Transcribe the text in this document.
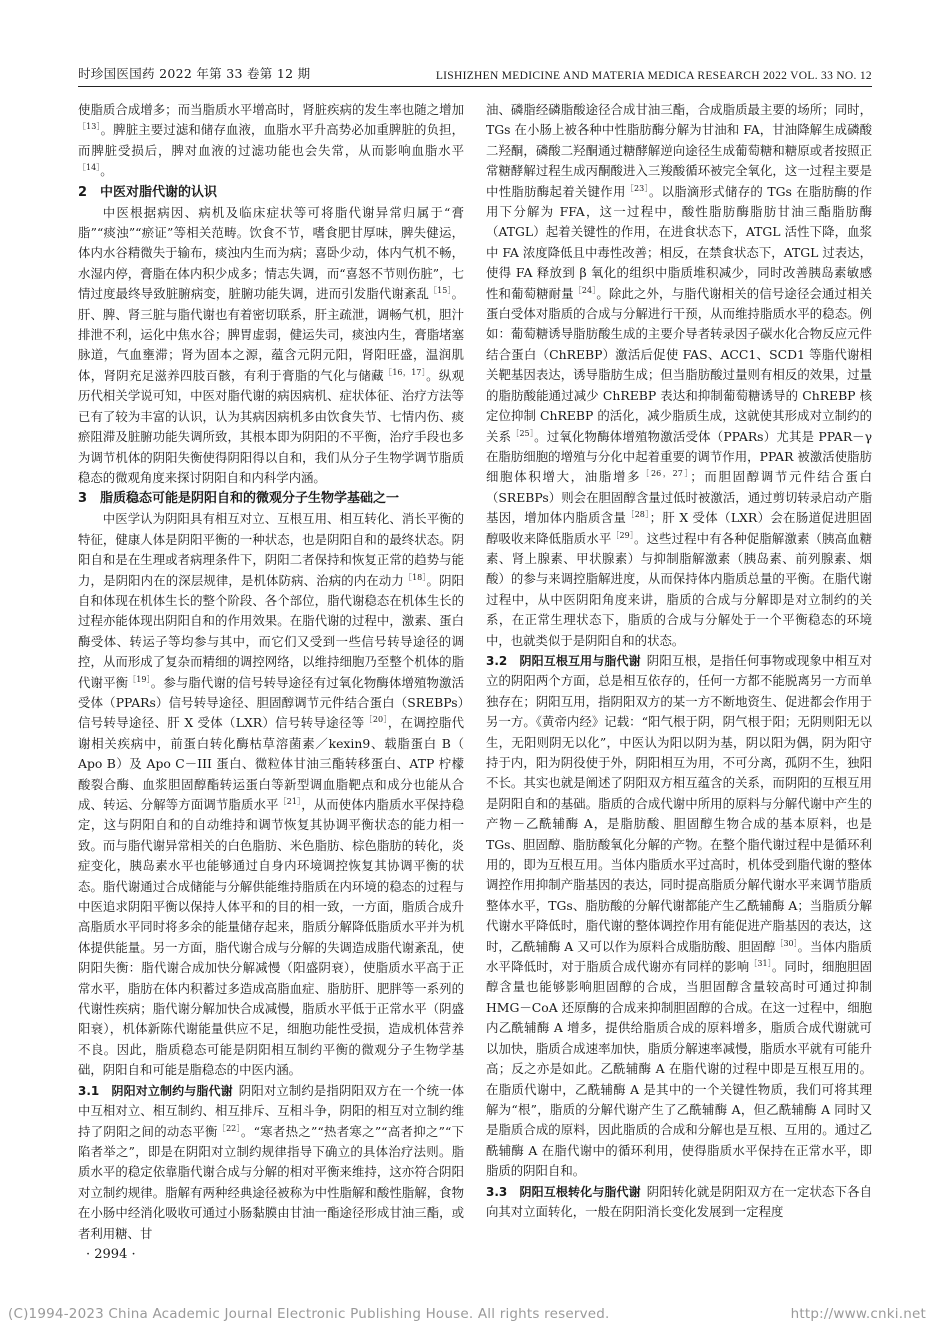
时珍国医国药 2022 年第 33 卷第 12 期	LISHIZHEN MEDICINE AND MATERIA MEDICA RESEARCH 2022 VOL. 33 NO. 12

使脂质合成增多；而当脂质水平增高时，肾脏疾病的发生率也随之增加$^{[13]}$。脾脏主要过滤和储存血液，血脂水平升高势必加重脾脏的负担，而脾脏受损后，脾对血液的过滤功能也会失常，从而影响血脂水平$^{[14]}$。

2　中医对脂代谢的认识

中医根据病因、病机及临床症状等可将脂代谢异常归属于“膏脂”“痰浊”“瘀证”等相关范畴。饮食不节，嗜食肥甘厚味，脾失健运，体内水谷精微失于输布，痰浊内生而为病；喜卧少动，体内气机不畅，水湿内停，膏脂在体内积少成多；情志失调，而“喜怒不节则伤脏”，七情过度最终导致脏腑病变，脏腑功能失调，进而引发脂代谢紊乱$^{[15]}$。肝、脾、肾三脏与脂代谢也有着密切联系，肝主疏泄，调畅气机，胆汁排泄不利，运化中焦水谷；脾胃虚弱，健运失司，痰浊内生，膏脂堵塞脉道，气血壅滞；肾为固本之源，蕴含元阴元阳，肾阳旺盛，温润肌体，肾阴充足滋养四肢百骸，有利于膏脂的气化与储藏$^{[16,17]}$。纵观历代相关学说可知，中医对脂代谢的病因病机、症状体征、治疗方法等已有了较为丰富的认识，认为其病因病机多由饮食失节、七情内伤、痰瘀阻滞及脏腑功能失调所致，其根本即为阴阳的不平衡，治疗手段也多为调节机体的阴阳失衡使得阴阳得以自和，我们从分子生物学调节脂质稳态的微观角度来探讨阴阳自和内科学内涵。

3　脂质稳态可能是阴阳自和的微观分子生物学基础之一

中医学认为阴阳具有相互对立、互根互用、相互转化、消长平衡的特征，健康人体是阴阳平衡的一种状态，也是阴阳自和的最终状态。阴阳自和是在生理或者病理条件下，阴阳二者保持和恢复正常的趋势与能力，是阴阳内在的深层规律，是机体防病、治病的内在动力$^{[18]}$。阴阳自和体现在机体生长的整个阶段、各个部位，脂代谢稳态在机体生长的过程亦能体现出阴阳自和的作用效果。在脂代谢的过程中，激素、蛋白酶受体、转运子等均参与其中，而它们又受到一些信号转导途径的调控，从而形成了复杂而精细的调控网络，以维持细胞乃至整个机体的脂代谢平衡$^{[19]}$。参与脂代谢的信号转导途径有过氧化物酶体增殖物激活受体（PPARs）信号转导途径、胆固醇调节元件结合蛋白（SREBPs）信号转导途径、肝 X 受体（LXR）信号转导途径等$^{[20]}$，在调控脂代谢相关疾病中，前蛋白转化酶枯草溶菌素／kexin9、载脂蛋白 B（ Apo B）及 Apo C－III 蛋白、微粒体甘油三酯转移蛋白、ATP 柠檬酸裂合酶、血浆胆固醇酯转运蛋白等新型调血脂靶点和成分也能从合成、转运、分解等方面调节脂质水平$^{[21]}$，从而使体内脂质水平保持稳定，这与阴阳自和的自动维持和调节恢复其协调平衡状态的能力相一致。而与脂代谢异常相关的白色脂肪、米色脂肪、棕色脂肪的转化，炎症变化，胰岛素水平也能够通过自身内环境调控恢复其协调平衡的状态。脂代谢通过合成储能与分解供能维持脂质在内环境的稳态的过程与中医追求阴阳平衡以保持人体平和的目的相一致，一方面，脂质合成升高脂质水平同时将多余的能量储存起来，脂质分解降低脂质水平并为机体提供能量。另一方面，脂代谢合成与分解的失调造成脂代谢紊乱，使阴阳失衡：脂代谢合成加快分解减慢（阳盛阴衰），使脂质水平高于正常水平，脂肪在体内积蓄过多造成高脂血症、脂肪肝、肥胖等一系列的代谢性疾病；脂代谢分解加快合成减慢，脂质水平低于正常水平（阴盛阳衰），机体新陈代谢能量供应不足，细胞功能性受损，造成机体营养不良。因此，脂质稳态可能是阴阳相互制约平衡的微观分子生物学基础，阴阳自和可能是脂稳态的中医内涵。

3.1　阴阳对立制约与脂代谢 阴阳对立制约是指阴阳双方在一个统一体中互相对立、相互制约、相互排斥、互相斗争，阴阳的相互对立制约维持了阴阳之间的动态平衡$^{[22]}$。“寒者热之”“热者寒之”“高者抑之”“下陷者举之”，即是在阴阳对立制约规律指导下确立的具体治疗法则。脂质水平的稳定依靠脂代谢合成与分解的相对平衡来维持，这亦符合阴阳对立制约规律。脂解有两种经典途径被称为中性脂解和酸性脂解，食物在小肠中经消化吸收可通过小肠黏膜由甘油一酯途径形成甘油三酯，或者利用糖、甘

油、磷脂经磷脂酸途径合成甘油三酯，合成脂质最主要的场所；同时，TGs 在小肠上被各种中性脂肪酶分解为甘油和 FA，甘油降解生成磷酸二羟酮，磷酸二羟酮通过糖酵解逆向途径生成葡萄糖和糖原或者按照正常糖酵解过程生成丙酮酸进入三羧酸循环被完全氧化，这一过程主要是中性脂肪酶起着关键作用$^{[23]}$。以脂滴形式储存的 TGs 在脂肪酶的作用下分解为 FFA，这一过程中，酸性脂肪酶脂肪甘油三酯脂肪酶（ATGL）起着关键性的作用，在进食状态下，ATGL 活性下降，血浆中 FA 浓度降低且中毒性改善；相反，在禁食状态下，ATGL 过表达，使得 FA 释放到 β 氧化的组织中脂质堆积减少，同时改善胰岛素敏感性和葡萄糖耐量$^{[24]}$。除此之外，与脂代谢相关的信号途径会通过相关蛋白受体对脂质的合成与分解进行干预，从而维持脂质水平的稳态。例如：葡萄糖诱导脂肪酸生成的主要介导者转录因子碳水化合物反应元件结合蛋白（ChREBP）激活后促使 FAS、ACC1、SCD1 等脂代谢相关靶基因表达，诱导脂肪生成；但当脂肪酸过量则有相反的效果，过量的脂肪酸能通过减少 ChREBP 表达和抑制葡萄糖诱导的 ChREBP 核定位抑制 ChREBP 的活化，减少脂质生成，这就使其形成对立制约的关系$^{[25]}$。过氧化物酶体增殖物激活受体（PPARs）尤其是 PPAR－γ 在脂肪细胞的增殖与分化中起着重要的调节作用，PPAR 被激活使脂肪细胞体积增大，油脂增多$^{[26,27]}$；而胆固醇调节元件结合蛋白（SREBPs）则会在胆固醇含量过低时被激活，通过剪切转录启动产脂基因，增加体内脂质含量$^{[28]}$；肝 X 受体（LXR）会在肠道促进胆固醇吸收来降低脂质水平$^{[29]}$。这些过程中有各种促脂解激素（胰高血糖素、肾上腺素、甲状腺素）与抑制脂解激素（胰岛素、前列腺素、烟酸）的参与来调控脂解进度，从而保持体内脂质总量的平衡。在脂代谢过程中，从中医阴阳角度来讲，脂质的合成与分解即是对立制约的关系，在正常生理状态下，脂质的合成与分解处于一个平衡稳态的环境中，也就类似于是阴阳自和的状态。

3.2　阴阳互根互用与脂代谢 阴阳互根，是指任何事物或现象中相互对立的阴阳两个方面，总是相互依存的，任何一方都不能脱离另一方而单独存在；阴阳互用，指阴阳双方的某一方不断地资生、促进都会作用于另一方。《黄帝内经》记载：“阳气根于阴，阴气根于阳；无阴则阳无以生，无阳则阴无以化”，中医认为阳以阴为基，阴以阳为偶，阴为阳守持于内，阳为阴役使于外，阴阳相互为用，不可分离，孤阴不生，独阳不长。其实也就是阐述了阴阳双方相互蕴含的关系，而阴阳的互根互用是阴阳自和的基础。脂质的合成代谢中所用的原料与分解代谢中产生的产物－乙酰辅酶 A，是脂肪酸、胆固醇生物合成的基本原料，也是 TGs、胆固醇、脂肪酸氧化分解的产物。在整个脂代谢过程中是循环利用的，即为互根互用。当体内脂质水平过高时，机体受到脂代谢的整体调控作用抑制产脂基因的表达，同时提高脂质分解代谢水平来调节脂质整体水平，TGs、脂肪酸的分解代谢都能产生乙酰辅酶 A；当脂质分解代谢水平降低时，脂代谢的整体调控作用有能促进产脂基因的表达，这时，乙酰辅酶 A 又可以作为原料合成脂肪酸、胆固醇$^{[30]}$。当体内脂质水平降低时，对于脂质合成代谢亦有同样的影响$^{[31]}$。同时，细胞胆固醇含量也能够影响胆固醇的合成，当胆固醇含量较高时可通过抑制 HMG－CoA 还原酶的合成来抑制胆固醇的合成。在这一过程中，细胞内乙酰辅酶 A 增多，提供给脂质合成的原料增多，脂质合成代谢就可以加快，脂质合成速率加快，脂质分解速率减慢，脂质水平就有可能升高；反之亦是如此。乙酰辅酶 A 在脂代谢的过程中即是互根互用的。在脂质代谢中，乙酰辅酶 A 是其中的一个关键性物质，我们可将其理解为“根”，脂质的分解代谢产生了乙酰辅酶 A，但乙酰辅酶 A 同时又是脂质合成的原料，因此脂质的合成和分解也是互根、互用的。通过乙酰辅酶 A 在脂代谢中的循环利用，使得脂质水平保持在正常水平，即脂质的阴阳自和。

3.3　阴阳互根转化与脂代谢 阴阳转化就是阴阳双方在一定状态下各自向其对立面转化，一般在阴阳消长变化发展到一定程度

· 2994 ·
(C)1994-2023 China Academic Journal Electronic Publishing House. All rights reserved.	http://www.cnki.net
